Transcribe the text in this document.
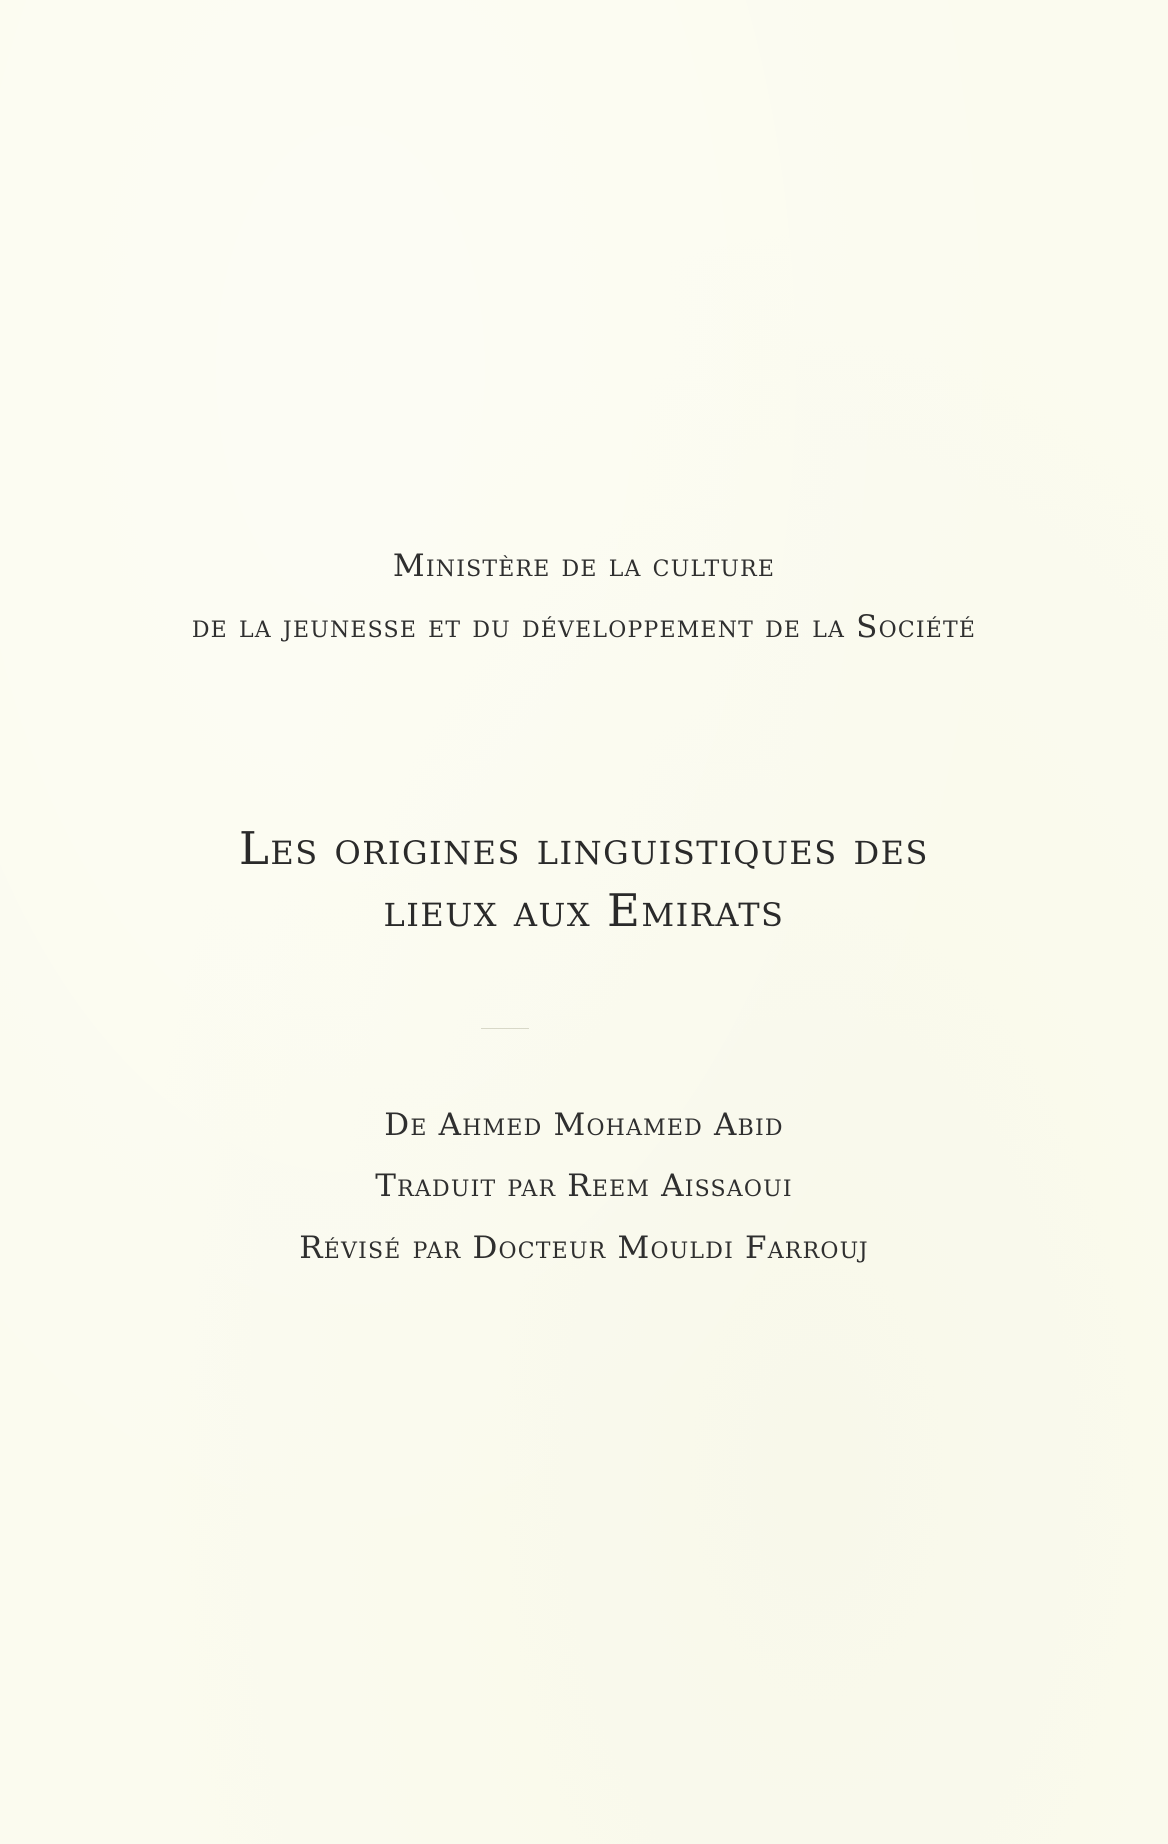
Ministère de la culture
de la jeunesse et du développement de la Société
Les origines linguistiques des
lieux aux Emirats
De Ahmed Mohamed Abid
Traduit par Reem Aissaoui
Révisé par Docteur Mouldi Farrouj
